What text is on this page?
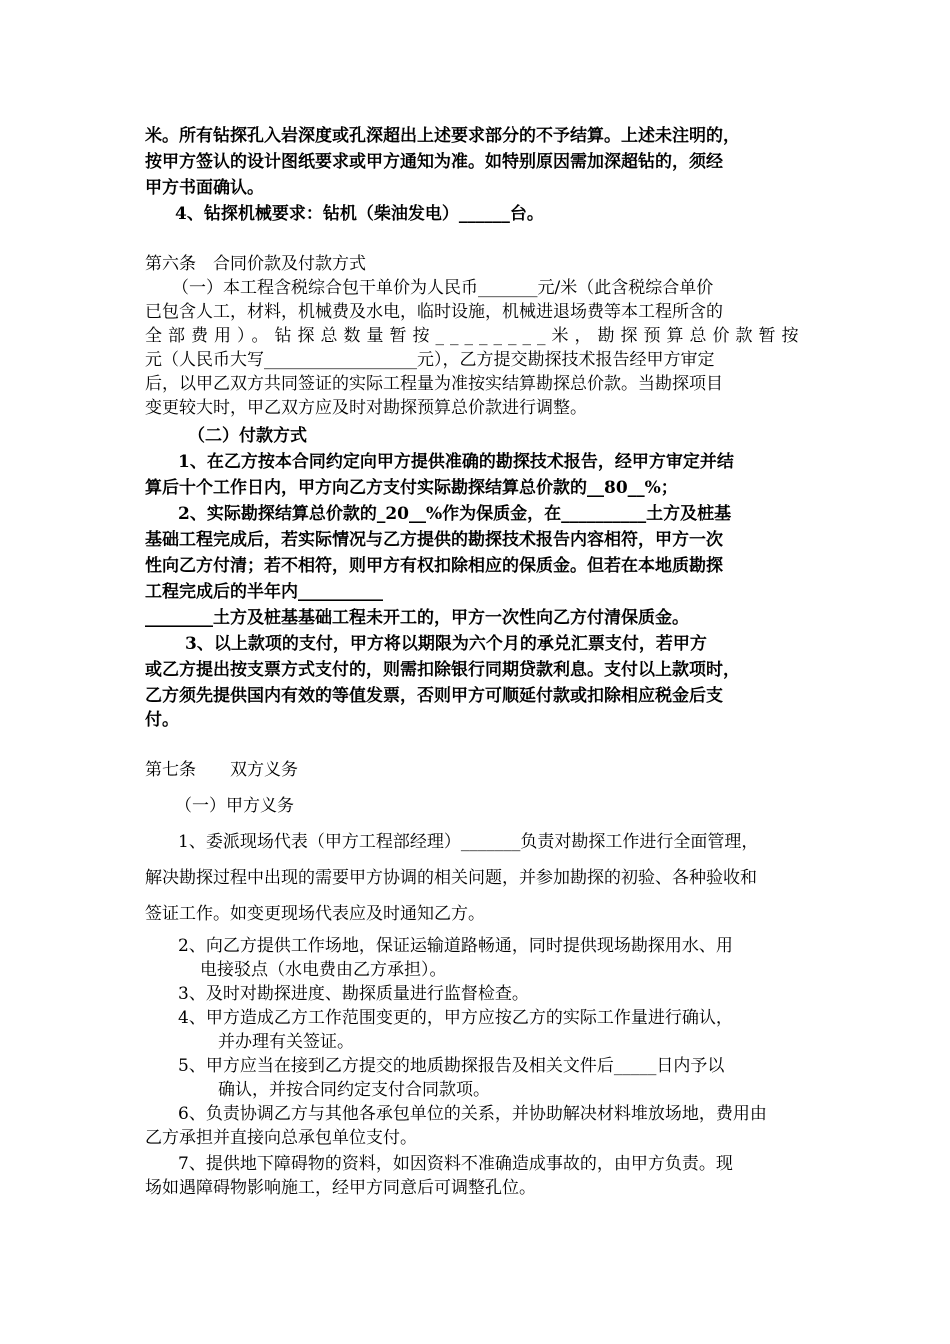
米。所有钻探孔入岩深度或孔深超出上述要求部分的不予结算。上述未注明的，
按甲方签认的设计图纸要求或甲方通知为准。如特别原因需加深超钻的，须经
甲方书面确认。
4、钻探机械要求：钻机（柴油发电）______台。
第六条　合同价款及付款方式
（一）本工程含税综合包干单价为人民币_______元/米（此含税综合单价
已包含人工，材料，机械费及水电，临时设施，机械进退场费等本工程所含的
全部费用）。钻探总数量暂按________米，勘探预算总价款暂按
元（人民币大写__________________元），乙方提交勘探技术报告经甲方审定
后，以甲乙双方共同签证的实际工程量为准按实结算勘探总价款。当勘探项目
变更较大时，甲乙双方应及时对勘探预算总价款进行调整。
（二）付款方式
1、在乙方按本合同约定向甲方提供准确的勘探技术报告，经甲方审定并结
算后十个工作日内，甲方向乙方支付实际勘探结算总价款的__80__%；
2、实际勘探结算总价款的_20__%作为保质金，在__________土方及桩基
基础工程完成后，若实际情况与乙方提供的勘探技术报告内容相符，甲方一次
性向乙方付清；若不相符，则甲方有权扣除相应的保质金。但若在本地质勘探
工程完成后的半年内__________
________土方及桩基基础工程未开工的，甲方一次性向乙方付清保质金。
3、以上款项的支付，甲方将以期限为六个月的承兑汇票支付，若甲方
或乙方提出按支票方式支付的，则需扣除银行同期贷款利息。支付以上款项时，
乙方须先提供国内有效的等值发票，否则甲方可顺延付款或扣除相应税金后支
付。
第七条　　双方义务
（一）甲方义务
1、委派现场代表（甲方工程部经理）_______负责对勘探工作进行全面管理，
解决勘探过程中出现的需要甲方协调的相关问题，并参加勘探的初验、各种验收和
签证工作。如变更现场代表应及时通知乙方。
2、向乙方提供工作场地，保证运输道路畅通，同时提供现场勘探用水、用
电接驳点（水电费由乙方承担）。
3、及时对勘探进度、勘探质量进行监督检查。
4、甲方造成乙方工作范围变更的，甲方应按乙方的实际工作量进行确认，
并办理有关签证。
5、甲方应当在接到乙方提交的地质勘探报告及相关文件后_____日内予以
确认，并按合同约定支付合同款项。
6、负责协调乙方与其他各承包单位的关系，并协助解决材料堆放场地，费用由
乙方承担并直接向总承包单位支付。
7、提供地下障碍物的资料，如因资料不准确造成事故的，由甲方负责。现
场如遇障碍物影响施工，经甲方同意后可调整孔位。
